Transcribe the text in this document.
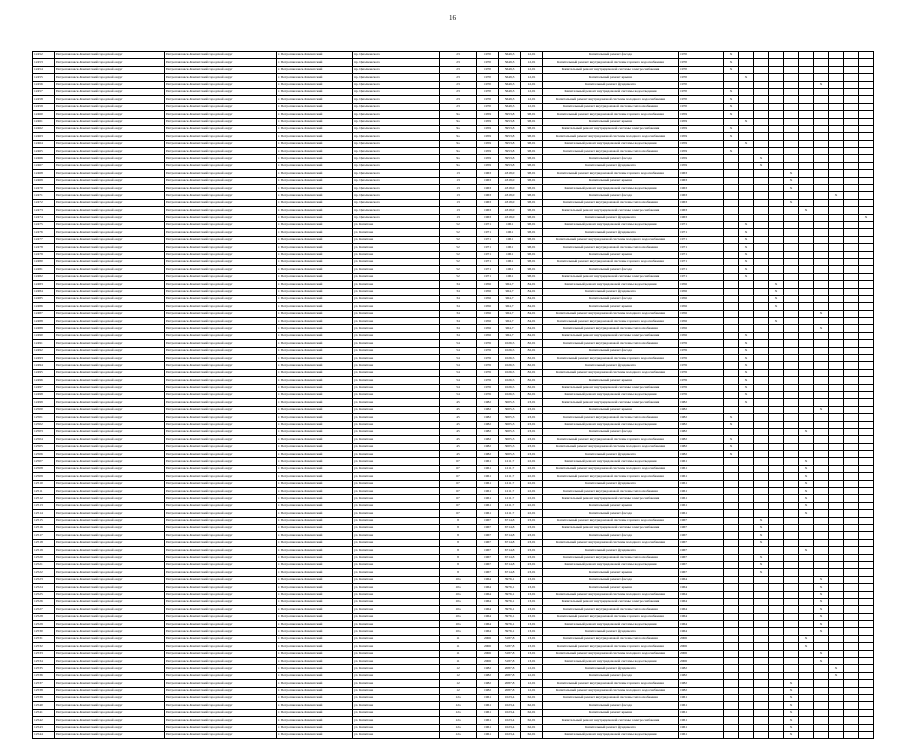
16
12452	Петропавловск-Камчатский городской округ	Петропавловск-Камчатский городской округ	г. Петропавловск-Камчатский	пр. Циолковского	23	1970	5649,3	12,01	Капитальный ремонт фасада	1970	X									
12453	Петропавловск-Камчатский городской округ	Петропавловск-Камчатский городской округ	г. Петропавловск-Камчатский	пр. Циолковского	23	1970	5649,3	12,01	Капитальный ремонт внутридомовой системы горячего водоснабжения	1970	X									
12454	Петропавловск-Камчатский городской округ	Петропавловск-Камчатский городской округ	г. Петропавловск-Камчатский	пр. Циолковского	23	1970	5649,3	12,01	Капитальный ремонт внутридомовой системы электроснабжения	1970	X									
12455	Петропавловск-Камчатский городской округ	Петропавловск-Камчатский городской округ	г. Петропавловск-Камчатский	пр. Циолковского	23	1970	5649,3	12,01	Капитальный ремонт крыши	1970		X								
12456	Петропавловск-Камчатский городской округ	Петропавловск-Камчатский городской округ	г. Петропавловск-Камчатский	пр. Циолковского	23	1970	5649,3	12,01	Капитальный ремонт фундамента	1970							X			
12457	Петропавловск-Камчатский городской округ	Петропавловск-Камчатский городской округ	г. Петропавловск-Камчатский	пр. Циолковского	23	1970	5649,3	12,01	Капитальный ремонт внутридомовой системы водоотведения	1970	X									
12458	Петропавловск-Камчатский городской округ	Петропавловск-Камчатский городской округ	г. Петропавловск-Камчатский	пр. Циолковского	23	1970	5649,3	12,01	Капитальный ремонт внутридомовой системы холодного водоснабжения	1970	X									
12459	Петропавловск-Камчатский городской округ	Петропавловск-Камчатский городской округ	г. Петропавловск-Камчатский	пр. Циолковского	23	1970	5649,3	12,01	Капитальный ремонт внутридомовой системы теплоснабжения	1970	X									
12460	Петропавловск-Камчатский городской округ	Петропавловск-Камчатский городской округ	г. Петропавловск-Камчатский	пр. Циолковского	9а	1959	3953,8	98,01	Капитальный ремонт внутридомовой системы горячего водоснабжения	1959	X									
12461	Петропавловск-Камчатский городской округ	Петропавловск-Камчатский городской округ	г. Петропавловск-Камчатский	пр. Циолковского	9а	1959	3953,8	98,01	Капитальный ремонт крыши	1959		X								
12462	Петропавловск-Камчатский городской округ	Петропавловск-Камчатский городской округ	г. Петропавловск-Камчатский	пр. Циолковского	9а	1959	3953,8	98,01	Капитальный ремонт внутридомовой системы электроснабжения	1959	X									
12463	Петропавловск-Камчатский городской округ	Петропавловск-Камчатский городской округ	г. Петропавловск-Камчатский	пр. Циолковского	9а	1959	3953,8	98,01	Капитальный ремонт внутридомовой системы холодного водоснабжения	1959	X									
12464	Петропавловск-Камчатский городской округ	Петропавловск-Камчатский городской округ	г. Петропавловск-Камчатский	пр. Циолковского	9а	1959	3953,8	98,01	Капитальный ремонт внутридомовой системы водоотведения	1959		X								
12465	Петропавловск-Камчатский городской округ	Петропавловск-Камчатский городской округ	г. Петропавловск-Камчатский	пр. Циолковского	9а	1959	3953,8	98,01	Капитальный ремонт внутридомовой системы теплоснабжения	1959	X									
12466	Петропавловск-Камчатский городской округ	Петропавловск-Камчатский городской округ	г. Петропавловск-Камчатский	пр. Циолковского	9а	1959	3953,8	98,01	Капитальный ремонт фасада	1959			X							
12467	Петропавловск-Камчатский городской округ	Петропавловск-Камчатский городской округ	г. Петропавловск-Камчатский	пр. Циолковского	9а	1959	3953,8	98,01	Капитальный ремонт фундамента	1959			X							
12468	Петропавловск-Камчатский городской округ	Петропавловск-Камчатский городской округ	г. Петропавловск-Камчатский	пр. Циолковского	13	1963	4318,0	98,01	Капитальный ремонт внутридомовой системы горячего водоснабжения	1963					X					
12469	Петропавловск-Камчатский городской округ	Петропавловск-Камчатский городской округ	г. Петропавловск-Камчатский	пр. Циолковского	13	1963	4318,0	98,01	Капитальный ремонт крыши	1963					X					
12470	Петропавловск-Камчатский городской округ	Петропавловск-Камчатский городской округ	г. Петропавловск-Камчатский	пр. Циолковского	13	1963	4318,0	98,01	Капитальный ремонт внутридомовой системы водоотведения	1963					X					
12471	Петропавловск-Камчатский городской округ	Петропавловск-Камчатский городской округ	г. Петропавловск-Камчатский	пр. Циолковского	13	1963	4318,0	98,01	Капитальный ремонт фасада	1963								X		
12472	Петропавловск-Камчатский городской округ	Петропавловск-Камчатский городской округ	г. Петропавловск-Камчатский	пр. Циолковского	13	1963	4318,0	98,01	Капитальный ремонт внутридомовой системы теплоснабжения	1963					X					
12473	Петропавловск-Камчатский городской округ	Петропавловск-Камчатский городской округ	г. Петропавловск-Камчатский	пр. Циолковского	13	1963	4318,0	98,01	Капитальный ремонт внутридомовой системы электроснабжения	1963						X				
12474	Петропавловск-Камчатский городской округ	Петропавловск-Камчатский городской округ	г. Петропавловск-Камчатский	пр. Циолковского	13	1963	4318,0	98,01	Капитальный ремонт фундамента	1963										X
12475	Петропавловск-Камчатский городской округ	Петропавловск-Камчатский городской округ	г. Петропавловск-Камчатский	ул. Капитана	52	1971	1061	98,01	Капитальный ремонт внутридомовой системы водоотведения	1971		X								
12476	Петропавловск-Камчатский городской округ	Петропавловск-Камчатский городской округ	г. Петропавловск-Камчатский	ул. Капитана	52	1971	1061	98,01	Капитальный ремонт фундамента	1971		X								
12477	Петропавловск-Камчатский городской округ	Петропавловск-Камчатский городской округ	г. Петропавловск-Камчатский	ул. Капитана	52	1971	1061	98,01	Капитальный ремонт внутридомовой системы холодного водоснабжения	1971		X								
12478	Петропавловск-Камчатский городской округ	Петропавловск-Камчатский городской округ	г. Петропавловск-Камчатский	ул. Капитана	52	1971	1061	98,01	Капитальный ремонт внутридомовой системы теплоснабжения	1971		X								
12479	Петропавловск-Камчатский городской округ	Петропавловск-Камчатский городской округ	г. Петропавловск-Камчатский	ул. Капитана	52	1971	1061	98,01	Капитальный ремонт крыши	1971		X								
12480	Петропавловск-Камчатский городской округ	Петропавловск-Камчатский городской округ	г. Петропавловск-Камчатский	ул. Капитана	52	1971	1061	98,01	Капитальный ремонт внутридомовой системы горячего водоснабжения	1971		X								
12481	Петропавловск-Камчатский городской округ	Петропавловск-Камчатский городской округ	г. Петропавловск-Камчатский	ул. Капитана	52	1971	1061	98,01	Капитальный ремонт фасада	1971		X								
12482	Петропавловск-Камчатский городской округ	Петропавловск-Камчатский городской округ	г. Петропавловск-Камчатский	ул. Капитана	52	1971	1061	98,01	Капитальный ремонт внутридомовой системы электроснабжения	1971		X								
12483	Петропавловск-Камчатский городской округ	Петропавловск-Камчатский городской округ	г. Петропавловск-Камчатский	ул. Капитана	34	1956	964,7	84,01	Капитальный ремонт внутридомовой системы водоотведения	1956				X						
12484	Петропавловск-Камчатский городской округ	Петропавловск-Камчатский городской округ	г. Петропавловск-Камчатский	ул. Капитана	34	1956	964,7	84,01	Капитальный ремонт фундамента	1956				X						
12485	Петропавловск-Камчатский городской округ	Петропавловск-Камчатский городской округ	г. Петропавловск-Камчатский	ул. Капитана	34	1956	964,7	84,01	Капитальный ремонт фасада	1956				X						
12486	Петропавловск-Камчатский городской округ	Петропавловск-Камчатский городской округ	г. Петропавловск-Камчатский	ул. Капитана	34	1956	964,7	84,01	Капитальный ремонт крыши	1956				X						
12487	Петропавловск-Камчатский городской округ	Петропавловск-Камчатский городской округ	г. Петропавловск-Камчатский	ул. Капитана	34	1956	964,7	84,01	Капитальный ремонт внутридомовой системы холодного водоснабжения	1956							X			
12488	Петропавловск-Камчатский городской округ	Петропавловск-Камчатский городской округ	г. Петропавловск-Камчатский	ул. Капитана	34	1956	964,7	84,01	Капитальный ремонт внутридомовой системы горячего водоснабжения	1956				X						
12489	Петропавловск-Камчатский городской округ	Петропавловск-Камчатский городской округ	г. Петропавловск-Камчатский	ул. Капитана	34	1956	964,7	84,01	Капитальный ремонт внутридомовой системы теплоснабжения	1956							X			
12490	Петропавловск-Камчатский городской округ	Петропавловск-Камчатский городской округ	г. Петропавловск-Камчатский	ул. Капитана	34	1956	964,7	84,01	Капитальный ремонт внутридомовой системы электроснабжения	1956		X								
12491	Петропавловск-Камчатский городской округ	Петропавловск-Камчатский городской округ	г. Петропавловск-Камчатский	ул. Капитана	54	1976	1026,5	82,01	Капитальный ремонт внутридомовой системы теплоснабжения	1976		X								
12492	Петропавловск-Камчатский городской округ	Петропавловск-Камчатский городской округ	г. Петропавловск-Камчатский	ул. Капитана	54	1976	1026,5	82,01	Капитальный ремонт фасада	1976		X								
12493	Петропавловск-Камчатский городской округ	Петропавловск-Камчатский городской округ	г. Петропавловск-Камчатский	ул. Капитана	54	1976	1026,5	82,01	Капитальный ремонт внутридомовой системы горячего водоснабжения	1976		X								
12494	Петропавловск-Камчатский городской округ	Петропавловск-Камчатский городской округ	г. Петропавловск-Камчатский	ул. Капитана	54	1976	1026,5	82,01	Капитальный ремонт фундамента	1976		X								
12495	Петропавловск-Камчатский городской округ	Петропавловск-Камчатский городской округ	г. Петропавловск-Камчатский	ул. Капитана	54	1976	1026,5	82,01	Капитальный ремонт внутридомовой системы холодного водоснабжения	1976		X								
12496	Петропавловск-Камчатский городской округ	Петропавловск-Камчатский городской округ	г. Петропавловск-Камчатский	ул. Капитана	54	1976	1026,5	82,01	Капитальный ремонт крыши	1976		X								
12497	Петропавловск-Камчатский городской округ	Петропавловск-Камчатский городской округ	г. Петропавловск-Камчатский	ул. Капитана	54	1976	1026,5	82,01	Капитальный ремонт внутридомовой системы электроснабжения	1976		X								
12498	Петропавловск-Камчатский городской округ	Петропавловск-Камчатский городской округ	г. Петропавловск-Камчатский	ул. Капитана	54	1976	1026,5	82,01	Капитальный ремонт внутридомовой системы водоотведения	1976		X								
12499	Петропавловск-Камчатский городской округ	Петропавловск-Камчатский городской округ	г. Петропавловск-Камчатский	ул. Капитана	45	1982	3005,3	23,01	Капитальный ремонт внутридомовой системы электроснабжения	1982		X								
12500	Петропавловск-Камчатский городской округ	Петропавловск-Камчатский городской округ	г. Петропавловск-Камчатский	ул. Капитана	45	1982	3005,3	23,01	Капитальный ремонт крыши	1982							X			
12501	Петропавловск-Камчатский городской округ	Петропавловск-Камчатский городской округ	г. Петропавловск-Камчатский	ул. Капитана	45	1982	3005,3	23,01	Капитальный ремонт внутридомовой системы теплоснабжения	1982	X									
12502	Петропавловск-Камчатский городской округ	Петропавловск-Камчатский городской округ	г. Петропавловск-Камчатский	ул. Капитана	45	1982	3005,3	23,01	Капитальный ремонт внутридомовой системы водоотведения	1982	X									
12503	Петропавловск-Камчатский городской округ	Петропавловск-Камчатский городской округ	г. Петропавловск-Камчатский	ул. Капитана	45	1982	3005,3	23,01	Капитальный ремонт фасада	1982						X				
12504	Петропавловск-Камчатский городской округ	Петропавловск-Камчатский городской округ	г. Петропавловск-Камчатский	ул. Капитана	45	1982	3005,3	23,01	Капитальный ремонт внутридомовой системы горячего водоснабжения	1982	X									
12505	Петропавловск-Камчатский городской округ	Петропавловск-Камчатский городской округ	г. Петропавловск-Камчатский	ул. Капитана	45	1982	3005,3	23,01	Капитальный ремонт внутридомовой системы холодного водоснабжения	1982	X									
12506	Петропавловск-Камчатский городской округ	Петропавловск-Камчатский городской округ	г. Петропавловск-Камчатский	ул. Капитана	45	1982	3005,3	23,01	Капитальный ремонт фундамента	1982	X									
12507	Петропавловск-Камчатский городской округ	Петропавловск-Камчатский городской округ	г. Петропавловск-Камчатский	ул. Капитана	67	1961	1211,7	22,01	Капитальный ремонт внутридомовой системы водоотведения	1961						X				
12508	Петропавловск-Камчатский городской округ	Петропавловск-Камчатский городской округ	г. Петропавловск-Камчатский	ул. Капитана	67	1961	1211,7	22,01	Капитальный ремонт внутридомовой системы холодного водоснабжения	1961						X				
12509	Петропавловск-Камчатский городской округ	Петропавловск-Камчатский городской округ	г. Петропавловск-Камчатский	ул. Капитана	67	1961	1211,7	22,01	Капитальный ремонт внутридомовой системы горячего водоснабжения	1961						X				
12510	Петропавловск-Камчатский городской округ	Петропавловск-Камчатский городской округ	г. Петропавловск-Камчатский	ул. Капитана	67	1961	1211,7	22,01	Капитальный ремонт фундамента	1961						X				
12511	Петропавловск-Камчатский городской округ	Петропавловск-Камчатский городской округ	г. Петропавловск-Камчатский	ул. Капитана	67	1961	1211,7	22,01	Капитальный ремонт внутридомовой системы теплоснабжения	1961						X				
12512	Петропавловск-Камчатский городской округ	Петропавловск-Камчатский городской округ	г. Петропавловск-Камчатский	ул. Капитана	67	1961	1211,7	22,01	Капитальный ремонт внутридомовой системы электроснабжения	1961						X				
12513	Петропавловск-Камчатский городской округ	Петропавловск-Камчатский городской округ	г. Петропавловск-Камчатский	ул. Капитана	67	1961	1211,7	22,01	Капитальный ремонт крыши	1961						X				
12514	Петропавловск-Камчатский городской округ	Петропавловск-Камчатский городской округ	г. Петропавловск-Камчатский	ул. Капитана	67	1961	1211,7	22,01	Капитальный ремонт фасада	1961						X				
12515	Петропавловск-Камчатский городской округ	Петропавловск-Камчатский городской округ	г. Петропавловск-Камчатский	ул. Капитана	8	1967	6714,8	23,01	Капитальный ремонт внутридомовой системы горячего водоснабжения	1967			X							
12516	Петропавловск-Камчатский городской округ	Петропавловск-Камчатский городской округ	г. Петропавловск-Камчатский	ул. Капитана	8	1967	6714,8	23,01	Капитальный ремонт внутридомовой системы электроснабжения	1967			X							
12517	Петропавловск-Камчатский городской округ	Петропавловск-Камчатский городской округ	г. Петропавловск-Камчатский	ул. Капитана	8	1967	6714,8	23,01	Капитальный ремонт фасада	1967			X							
12518	Петропавловск-Камчатский городской округ	Петропавловск-Камчатский городской округ	г. Петропавловск-Камчатский	ул. Капитана	8	1967	6714,8	23,01	Капитальный ремонт внутридомовой системы холодного водоснабжения	1967			X							
12519	Петропавловск-Камчатский городской округ	Петропавловск-Камчатский городской округ	г. Петропавловск-Камчатский	ул. Капитана	8	1967	6714,8	23,01	Капитальный ремонт фундамента	1967						X				
12520	Петропавловск-Камчатский городской округ	Петропавловск-Камчатский городской округ	г. Петропавловск-Камчатский	ул. Капитана	8	1967	6714,8	23,01	Капитальный ремонт внутридомовой системы теплоснабжения	1967			X							
12521	Петропавловск-Камчатский городской округ	Петропавловск-Камчатский городской округ	г. Петропавловск-Камчатский	ул. Капитана	8	1967	6714,8	23,01	Капитальный ремонт внутридомовой системы водоотведения	1967			X							
12522	Петропавловск-Камчатский городской округ	Петропавловск-Камчатский городской округ	г. Петропавловск-Камчатский	ул. Капитана	8	1967	6714,8	23,01	Капитальный ремонт крыши	1967			X							
12523	Петропавловск-Камчатский городской округ	Петропавловск-Камчатский городской округ	г. Петропавловск-Камчатский	ул. Капитана	10а	1964	3976,1	13,01	Капитальный ремонт фасада	1964							X			
12524	Петропавловск-Камчатский городской округ	Петропавловск-Камчатский городской округ	г. Петропавловск-Камчатский	ул. Капитана	10а	1964	3976,1	13,01	Капитальный ремонт крыши	1964							X			
12525	Петропавловск-Камчатский городской округ	Петропавловск-Камчатский городской округ	г. Петропавловск-Камчатский	ул. Капитана	10а	1964	3976,1	13,01	Капитальный ремонт внутридомовой системы холодного водоснабжения	1964							X			
12526	Петропавловск-Камчатский городской округ	Петропавловск-Камчатский городской округ	г. Петропавловск-Камчатский	ул. Капитана	10а	1964	3976,1	13,01	Капитальный ремонт внутридомовой системы электроснабжения	1964							X			
12527	Петропавловск-Камчатский городской округ	Петропавловск-Камчатский городской округ	г. Петропавловск-Камчатский	ул. Капитана	10а	1964	3976,1	13,01	Капитальный ремонт внутридомовой системы теплоснабжения	1964							X			
12528	Петропавловск-Камчатский городской округ	Петропавловск-Камчатский городской округ	г. Петропавловск-Камчатский	ул. Капитана	10а	1964	3976,1	13,01	Капитальный ремонт внутридомовой системы горячего водоснабжения	1964							X			
12529	Петропавловск-Камчатский городской округ	Петропавловск-Камчатский городской округ	г. Петропавловск-Камчатский	ул. Капитана	10а	1964	3976,1	13,01	Капитальный ремонт внутридомовой системы водоотведения	1964							X			
12530	Петропавловск-Камчатский городской округ	Петропавловск-Камчатский городской округ	г. Петропавловск-Камчатский	ул. Капитана	10а	1964	3976,1	13,01	Капитальный ремонт фундамента	1964							X			
12531	Петропавловск-Камчатский городской округ	Петропавловск-Камчатский городской округ	г. Петропавловск-Камчатский	ул. Капитана	11	2006	3187,8	13,01	Капитальный ремонт внутридомовой системы теплоснабжения	2006						X				
12532	Петропавловск-Камчатский городской округ	Петропавловск-Камчатский городской округ	г. Петропавловск-Камчатский	ул. Капитана	11	2006	3187,8	13,01	Капитальный ремонт внутридомовой системы горячего водоснабжения	2006						X				
12533	Петропавловск-Камчатский городской округ	Петропавловск-Камчатский городской округ	г. Петропавловск-Камчатский	ул. Капитана	11	2006	3187,8	13,01	Капитальный ремонт внутридомовой системы холодного водоснабжения	2006							X			
12534	Петропавловск-Камчатский городской округ	Петропавловск-Камчатский городской округ	г. Петропавловск-Камчатский	ул. Капитана	11	2006	3187,8	13,01	Капитальный ремонт внутридомовой системы водоотведения	2006							X			
12535	Петропавловск-Камчатский городской округ	Петропавловск-Камчатский городской округ	г. Петропавловск-Камчатский	ул. Капитана	12	1982	2087,8	12,01	Капитальный ремонт фундамента	1982								X		
12536	Петропавловск-Камчатский городской округ	Петропавловск-Камчатский городской округ	г. Петропавловск-Камчатский	ул. Капитана	12	1982	2087,8	12,01	Капитальный ремонт фасада	1982								X		
12537	Петропавловск-Камчатский городской округ	Петропавловск-Камчатский городской округ	г. Петропавловск-Камчатский	ул. Капитана	12	1982	2087,8	12,01	Капитальный ремонт внутридомовой системы горячего водоснабжения	1982					X					
12538	Петропавловск-Камчатский городской округ	Петропавловск-Камчатский городской округ	г. Петропавловск-Камчатский	ул. Капитана	12	1982	2087,8	12,01	Капитальный ремонт внутридомовой системы холодного водоснабжения	1982					X					
12539	Петропавловск-Камчатский городской округ	Петропавловск-Камчатский городской округ	г. Петропавловск-Камчатский	ул. Капитана	12а	1961	1023,4	62,01	Капитальный ремонт внутридомовой системы теплоснабжения	1961					X					
12540	Петропавловск-Камчатский городской округ	Петропавловск-Камчатский городской округ	г. Петропавловск-Камчатский	ул. Капитана	12а	1961	1023,4	62,01	Капитальный ремонт фасада	1961					X					
12541	Петропавловск-Камчатский городской округ	Петропавловск-Камчатский городской округ	г. Петропавловск-Камчатский	ул. Капитана	12а	1961	1023,4	62,01	Капитальный ремонт крыши	1961					X					
12542	Петропавловск-Камчатский городской округ	Петропавловск-Камчатский городской округ	г. Петропавловск-Камчатский	ул. Капитана	12а	1961	1023,4	62,01	Капитальный ремонт внутридомовой системы электроснабжения	1961					X					
12543	Петропавловск-Камчатский городской округ	Петропавловск-Камчатский городской округ	г. Петропавловск-Камчатский	ул. Капитана	12а	1961	1023,4	62,01	Капитальный ремонт фундамента	1961					X					
12544	Петропавловск-Камчатский городской округ	Петропавловск-Камчатский городской округ	г. Петропавловск-Камчатский	ул. Капитана	12а	1961	1023,4	62,01	Капитальный ремонт внутридомовой системы водоотведения	1961					X					
